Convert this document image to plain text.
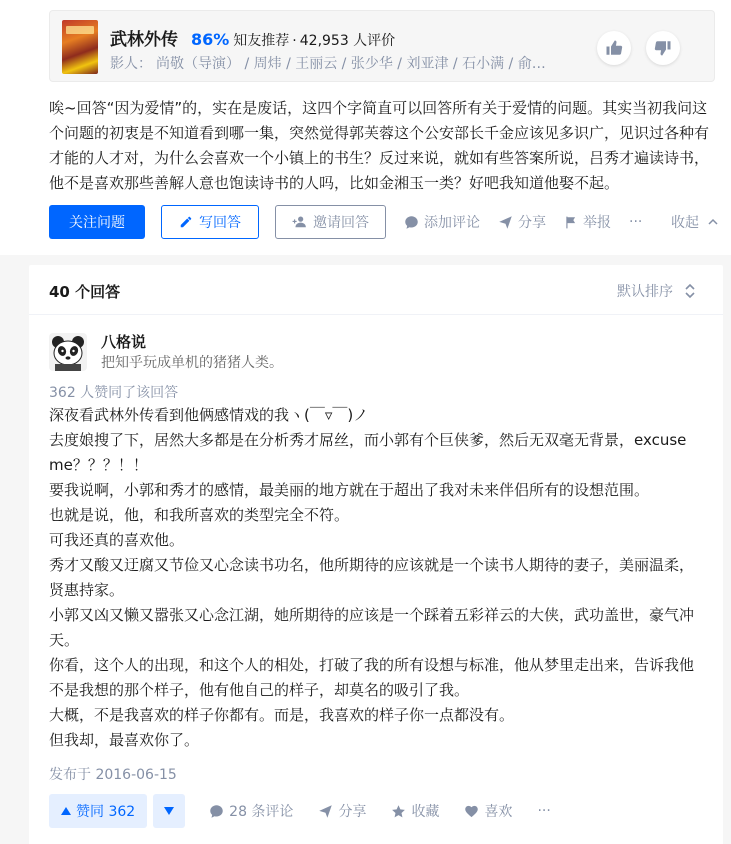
武林外传 86% 知友推荐 · 42,953 人评价
影人： 尚敬（导演） / 周炜 / 王丽云 / 张少华 / 刘亚津 / 石小满 / 俞…
唉~回答“因为爱情”的，实在是废话，这四个字简直可以回答所有关于爱情的问题。其实当初我问这个问题的初衷是不知道看到哪一集，突然觉得郭芙蓉这个公安部长千金应该见多识广，见识过各种有才能的人才对，为什么会喜欢一个小镇上的书生？反过来说，就如有些答案所说，吕秀才遍读诗书，他不是喜欢那些善解人意也饱读诗书的人吗，比如金湘玉一类？好吧我知道他娶不起。
关注问题	写回答	邀请回答	添加评论	分享	举报 ··· 收起
40 个回答	默认排序
八格说
把知乎玩成单机的猪猪人类。
362 人赞同了该回答

深夜看武林外传看到他俩感情戏的我ヽ(￣▿￣)ノ

去度娘搜了下，居然大多都是在分析秀才屌丝，而小郭有个巨侠爹，然后无双毫无背景，excuse me？？？！！

要我说啊，小郭和秀才的感情，最美丽的地方就在于超出了我对未来伴侣所有的设想范围。

也就是说，他，和我所喜欢的类型完全不符。

可我还真的喜欢他。

秀才又酸又迂腐又节俭又心念读书功名，他所期待的应该就是一个读书人期待的妻子，美丽温柔，贤惠持家。

小郭又凶又懒又嚣张又心念江湖，她所期待的应该是一个踩着五彩祥云的大侠，武功盖世，豪气冲天。

你看，这个人的出现，和这个人的相处，打破了我的所有设想与标准，他从梦里走出来，告诉我他不是我想的那个样子，他有他自己的样子，却莫名的吸引了我。

大概，不是我喜欢的样子你都有。而是，我喜欢的样子你一点都没有。

但我却，最喜欢你了。

发布于 2016-06-15
赞同 362	28 条评论	分享	收藏	喜欢 ···
